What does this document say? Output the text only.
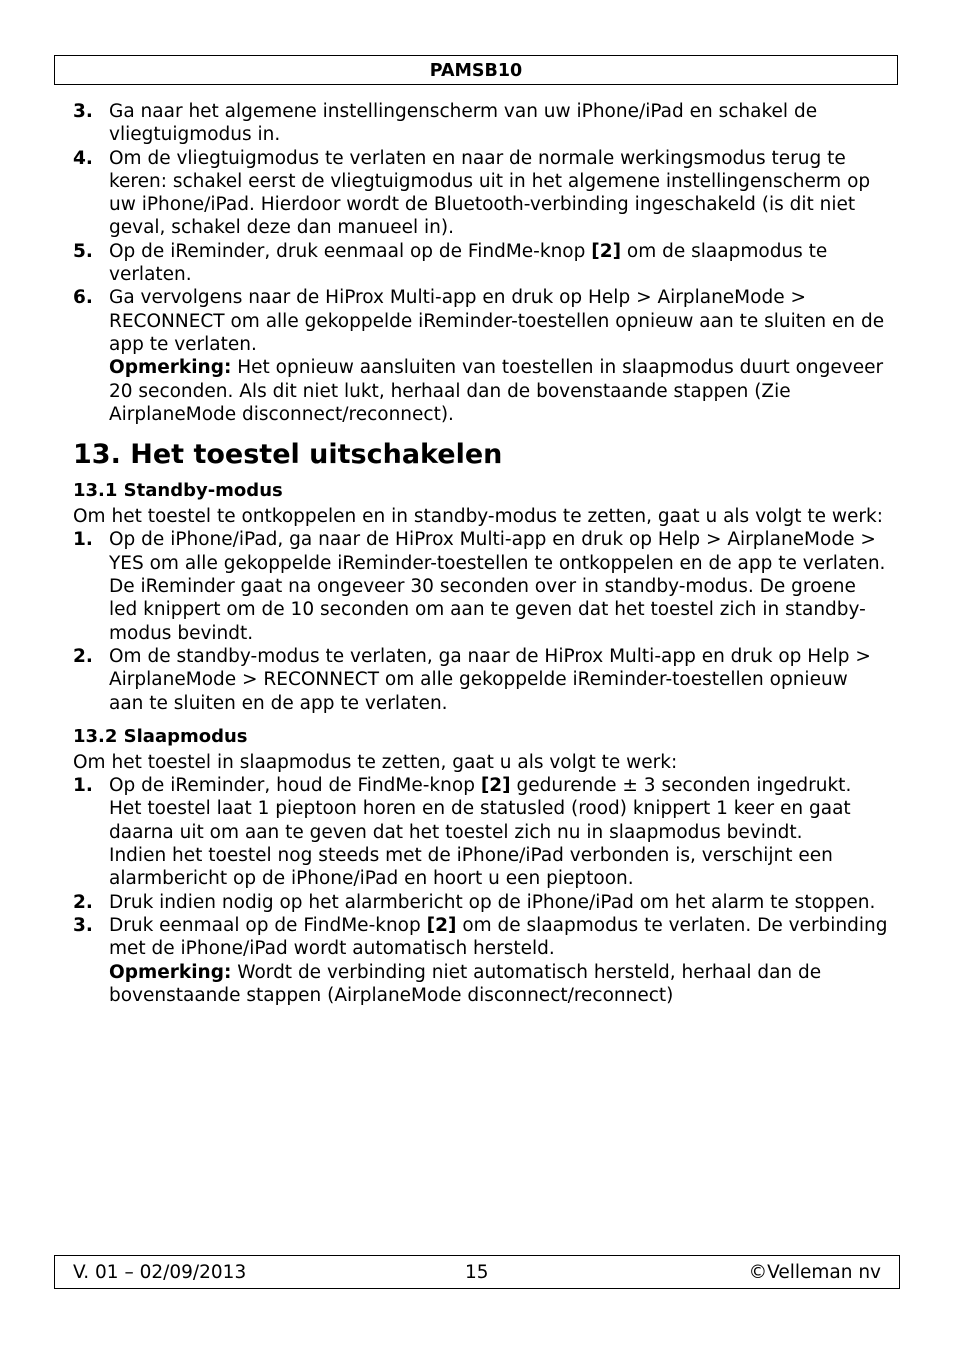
PAMSB10
3. Ga naar het algemene instellingenscherm van uw iPhone/iPad en schakel de vliegtuigmodus in.

4. Om de vliegtuigmodus te verlaten en naar de normale werkingsmodus terug te keren: schakel eerst de vliegtuigmodus uit in het algemene instellingenscherm op uw iPhone/iPad. Hierdoor wordt de Bluetooth-verbinding ingeschakeld (is dit niet geval, schakel deze dan manueel in).

5. Op de iReminder, druk eenmaal op de FindMe-knop [2] om de slaapmodus te verlaten.

6. Ga vervolgens naar de HiProx Multi-app en druk op Help > AirplaneMode > RECONNECT om alle gekoppelde iReminder-toestellen opnieuw aan te sluiten en de app te verlaten.

Opmerking: Het opnieuw aansluiten van toestellen in slaapmodus duurt ongeveer 20 seconden. Als dit niet lukt, herhaal dan de bovenstaande stappen (Zie AirplaneMode disconnect/reconnect).

13. Het toestel uitschakelen
13.1 Standby-modus

Om het toestel te ontkoppelen en in standby-modus te zetten, gaat u als volgt te werk:

1. Op de iPhone/iPad, ga naar de HiProx Multi-app en druk op Help > AirplaneMode > YES om alle gekoppelde iReminder-toestellen te ontkoppelen en de app te verlaten.

De iReminder gaat na ongeveer 30 seconden over in standby-modus. De groene led knippert om de 10 seconden om aan te geven dat het toestel zich in standby-modus bevindt.

2. Om de standby-modus te verlaten, ga naar de HiProx Multi-app en druk op Help > AirplaneMode > RECONNECT om alle gekoppelde iReminder-toestellen opnieuw aan te sluiten en de app te verlaten.

13.2 Slaapmodus

Om het toestel in slaapmodus te zetten, gaat u als volgt te werk:

1. Op de iReminder, houd de FindMe-knop [2] gedurende ± 3 seconden ingedrukt. Het toestel laat 1 pieptoon horen en de statusled (rood) knippert 1 keer en gaat daarna uit om aan te geven dat het toestel zich nu in slaapmodus bevindt.

Indien het toestel nog steeds met de iPhone/iPad verbonden is, verschijnt een alarmbericht op de iPhone/iPad en hoort u een pieptoon.

2. Druk indien nodig op het alarmbericht op de iPhone/iPad om het alarm te stoppen.

3. Druk eenmaal op de FindMe-knop [2] om de slaapmodus te verlaten. De verbinding met de iPhone/iPad wordt automatisch hersteld.

Opmerking: Wordt de verbinding niet automatisch hersteld, herhaal dan de bovenstaande stappen (AirplaneMode disconnect/reconnect)

V. 01 – 02/09/2013	15	©Velleman nv
